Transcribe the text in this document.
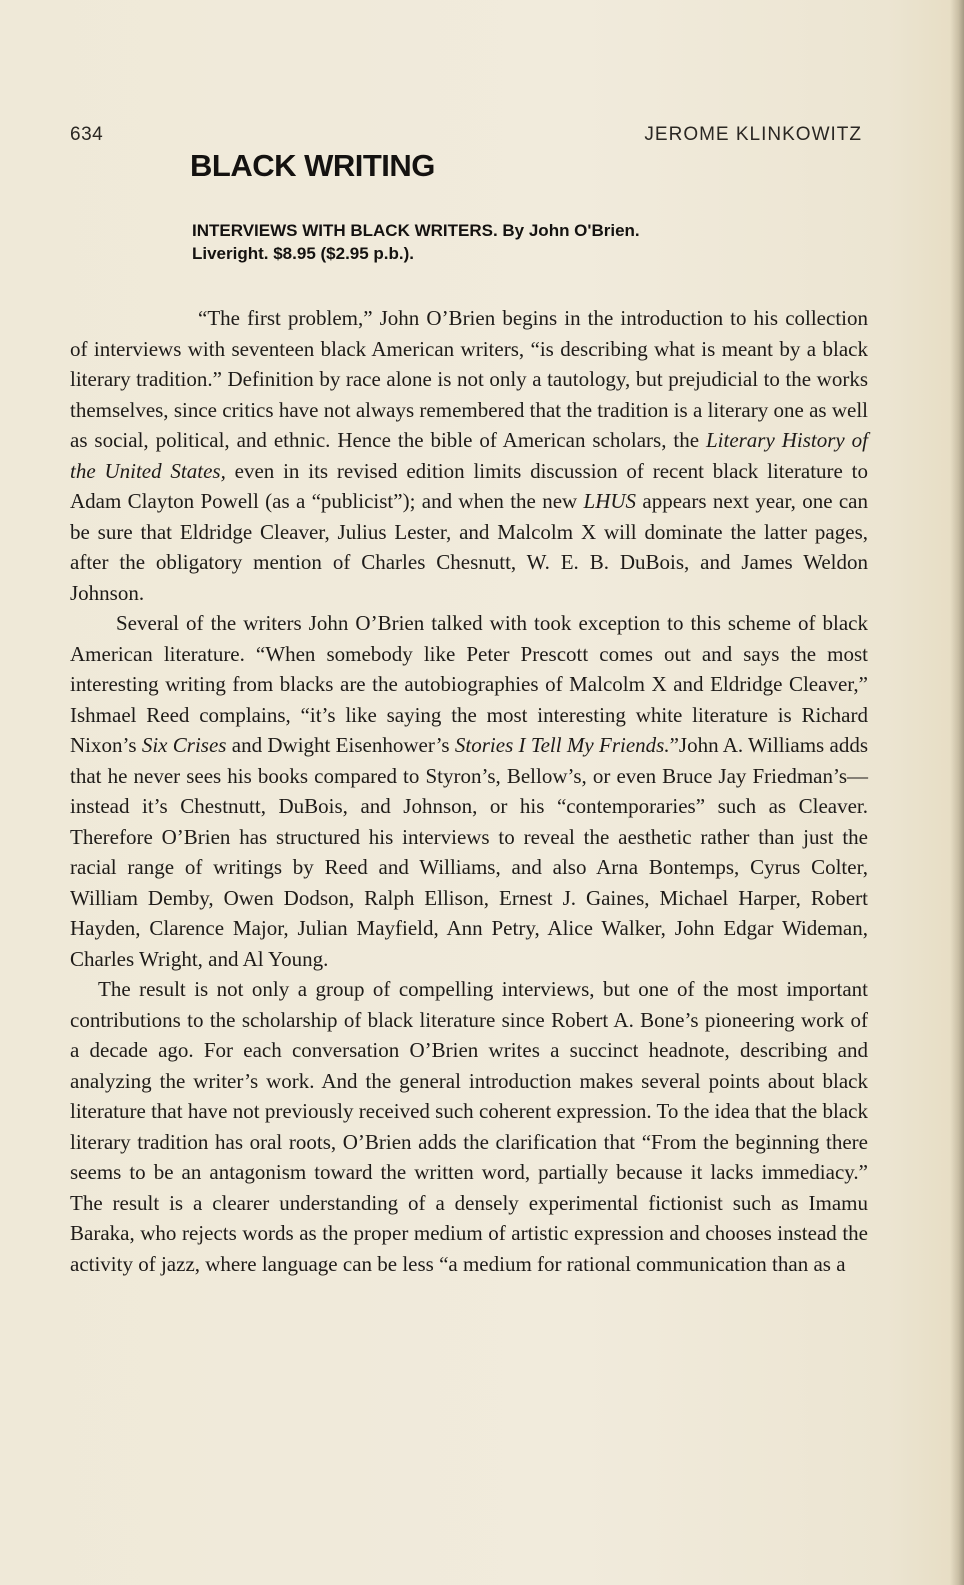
634	JEROME KLINKOWITZ
BLACK WRITING
INTERVIEWS WITH BLACK WRITERS. By John O'Brien.
Liveright. $8.95 ($2.95 p.b.).

“The first problem,” John O’Brien begins in the introduction to his collection of interviews with seventeen black American writers, “is describing what is meant by a black literary tradition.” Definition by race alone is not only a tautology, but prejudicial to the works themselves, since critics have not always remembered that the tradition is a literary one as well as social, political, and ethnic. Hence the bible of American scholars, the Literary History of the United States, even in its revised edition limits discussion of recent black literature to Adam Clayton Powell (as a “publicist”); and when the new LHUS appears next year, one can be sure that Eldridge Cleaver, Julius Lester, and Malcolm X will dominate the latter pages, after the obligatory mention of Charles Chesnutt, W. E. B. DuBois, and James Weldon Johnson.

Several of the writers John O’Brien talked with took exception to this scheme of black American literature. “When somebody like Peter Prescott comes out and says the most interesting writing from blacks are the autobiographies of Malcolm X and Eldridge Cleaver,” Ishmael Reed complains, “it’s like saying the most interesting white literature is Richard Nixon’s Six Crises and Dwight Eisenhower’s Stories I Tell My Friends.”John A. Williams adds that he never sees his books compared to Styron’s, Bellow’s, or even Bruce Jay Friedman’s—instead it’s Chestnutt, DuBois, and Johnson, or his “contemporaries” such as Cleaver. Therefore O’Brien has structured his interviews to reveal the aesthetic rather than just the racial range of writings by Reed and Williams, and also Arna Bontemps, Cyrus Colter, William Demby, Owen Dodson, Ralph Ellison, Ernest J. Gaines, Michael Harper, Robert Hayden, Clarence Major, Julian Mayfield, Ann Petry, Alice Walker, John Edgar Wideman, Charles Wright, and Al Young.

The result is not only a group of compelling interviews, but one of the most important contributions to the scholarship of black literature since Robert A. Bone’s pioneering work of a decade ago. For each conversation O’Brien writes a succinct headnote, describing and analyzing the writer’s work. And the general introduction makes several points about black literature that have not previously received such coherent expression. To the idea that the black literary tradition has oral roots, O’Brien adds the clarification that “From the beginning there seems to be an antagonism toward the written word, partially because it lacks immediacy.” The result is a clearer understanding of a densely experimental fictionist such as Imamu Baraka, who rejects words as the proper medium of artistic expression and chooses instead the activity of jazz, where language can be less “a medium for rational communication than as a
